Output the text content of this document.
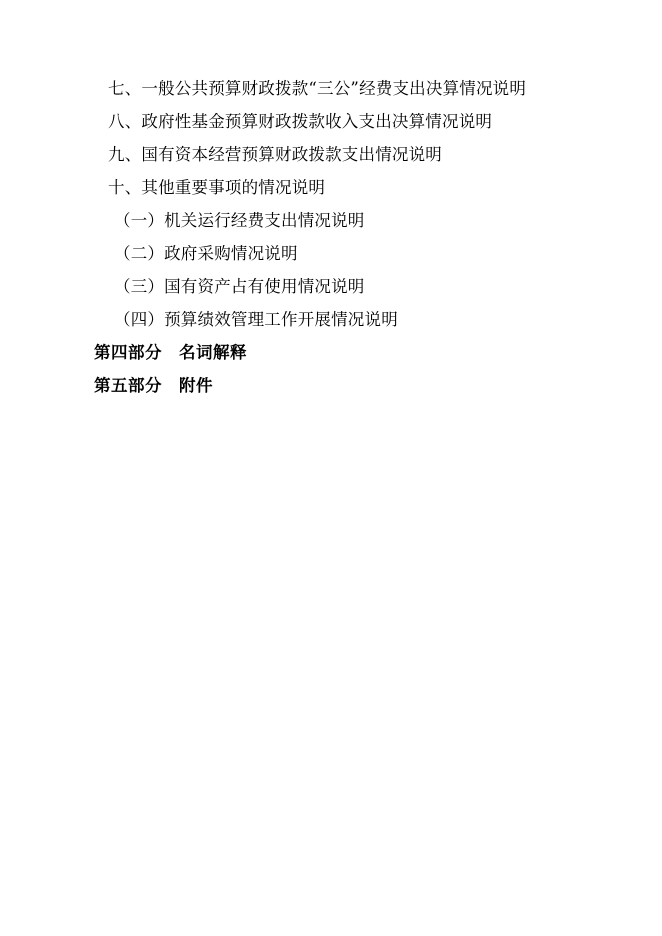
七、一般公共预算财政拨款“三公”经费支出决算情况说明
八、政府性基金预算财政拨款收入支出决算情况说明
九、国有资本经营预算财政拨款支出情况说明
十、其他重要事项的情况说明
（一）机关运行经费支出情况说明
（二）政府采购情况说明
（三）国有资产占有使用情况说明
（四）预算绩效管理工作开展情况说明
第四部分　名词解释
第五部分　附件
